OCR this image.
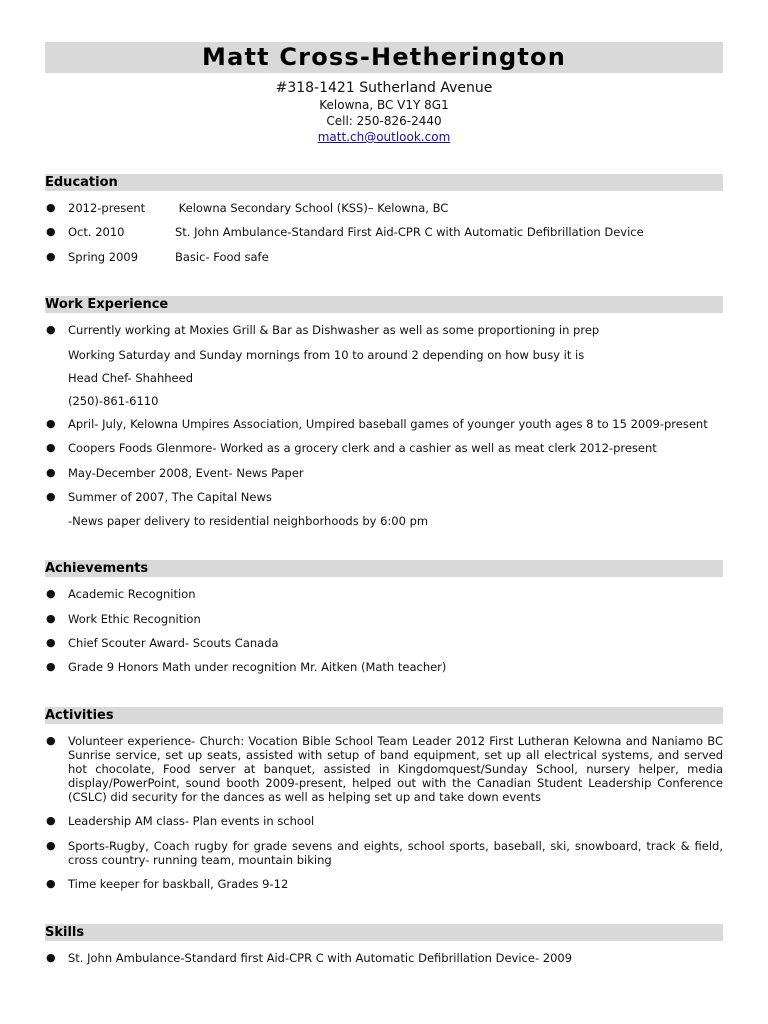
Matt Cross-Hetherington
#318-1421 Sutherland Avenue
Kelowna, BC V1Y 8G1
Cell: 250-826-2440
matt.ch@outlook.com
Education
● 2012-present	Kelowna Secondary School (KSS)– Kelowna, BC
● Oct. 2010	St. John Ambulance-Standard First Aid-CPR C with Automatic Defibrillation Device
● Spring 2009	Basic- Food safe
Work Experience
● Currently working at Moxies Grill & Bar as Dishwasher as well as some proportioning in prep
Working Saturday and Sunday mornings from 10 to around 2 depending on how busy it is
Head Chef- Shahheed
(250)-861-6110
● April- July, Kelowna Umpires Association, Umpired baseball games of younger youth ages 8 to 15 2009-present
● Coopers Foods Glenmore- Worked as a grocery clerk and a cashier as well as meat clerk 2012-present
● May-December 2008, Event- News Paper
● Summer of 2007, The Capital News
-News paper delivery to residential neighborhoods by 6:00 pm
Achievements
● Academic Recognition
● Work Ethic Recognition
● Chief Scouter Award- Scouts Canada
● Grade 9 Honors Math under recognition Mr. Aitken (Math teacher)
Activities
● Volunteer experience- Church: Vocation Bible School Team Leader 2012 First Lutheran Kelowna and Naniamo BC Sunrise service, set up seats, assisted with setup of band equipment, set up all electrical systems, and served hot chocolate, Food server at banquet, assisted in Kingdomquest/Sunday School, nursery helper, media display/PowerPoint, sound booth 2009-present, helped out with the Canadian Student Leadership Conference (CSLC) did security for the dances as well as helping set up and take down events
● Leadership AM class- Plan events in school
● Sports-Rugby, Coach rugby for grade sevens and eights, school sports, baseball, ski, snowboard, track & field, cross country- running team, mountain biking
● Time keeper for baskball, Grades 9-12
Skills
● St. John Ambulance-Standard first Aid-CPR C with Automatic Defibrillation Device- 2009
